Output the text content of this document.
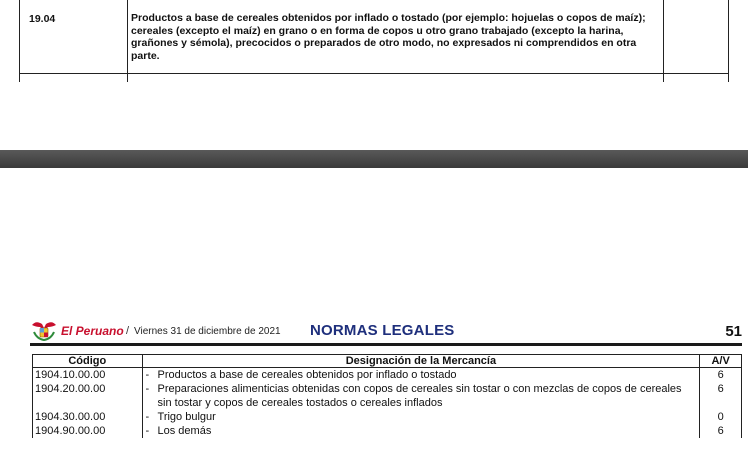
19.04	Productos a base de cereales obtenidos por inflado o tostado (por ejemplo: hojuelas o copos de maíz); cereales (excepto el maíz) en grano o en forma de copos u otro grano trabajado (excepto la harina, grañones y sémola), precocidos o preparados de otro modo, no expresados ni comprendidos en otra parte.
El Peruano / Viernes 31 de diciembre de 2021 NORMAS LEGALES	51
Código	Designación de la Mercancía	A/V
1904.10.00.00	- Productos a base de cereales obtenidos por inflado o tostado	6
1904.20.00.00	- Preparaciones alimenticias obtenidas con copos de cereales sin tostar o con mezclas de copos de cereales sin tostar y copos de cereales tostados o cereales inflados	6
1904.30.00.00	- Trigo bulgur	0
1904.90.00.00	- Los demás	6
